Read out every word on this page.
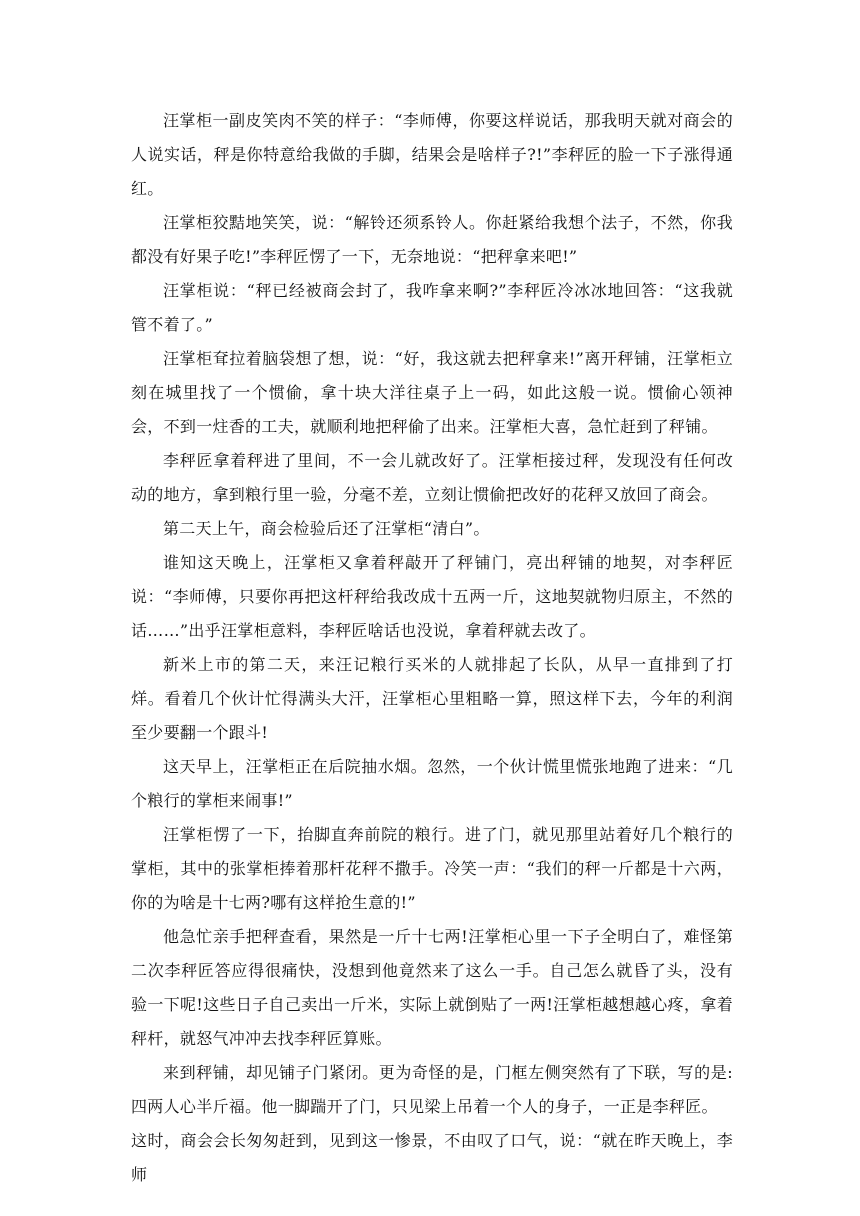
汪掌柜一副皮笑肉不笑的样子：“李师傅，你要这样说话，那我明天就对商会的人说实话，秤是你特意给我做的手脚，结果会是啥样子?!”李秤匠的脸一下子涨得通红。

汪掌柜狡黠地笑笑，说：“解铃还须系铃人。你赶紧给我想个法子，不然，你我都没有好果子吃!”李秤匠愣了一下，无奈地说：“把秤拿来吧!”

汪掌柜说：“秤已经被商会封了，我咋拿来啊?”李秤匠冷冰冰地回答：“这我就管不着了。”

汪掌柜耷拉着脑袋想了想，说：“好，我这就去把秤拿来!”离开秤铺，汪掌柜立刻在城里找了一个惯偷，拿十块大洋往桌子上一码，如此这般一说。惯偷心领神会，不到一炷香的工夫，就顺利地把秤偷了出来。汪掌柜大喜，急忙赶到了秤铺。

李秤匠拿着秤进了里间，不一会儿就改好了。汪掌柜接过秤，发现没有任何改动的地方，拿到粮行里一验，分毫不差，立刻让惯偷把改好的花秤又放回了商会。

第二天上午，商会检验后还了汪掌柜“清白”。

谁知这天晚上，汪掌柜又拿着秤敲开了秤铺门，亮出秤铺的地契，对李秤匠说：“李师傅，只要你再把这杆秤给我改成十五两一斤，这地契就物归原主，不然的话……”出乎汪掌柜意料，李秤匠啥话也没说，拿着秤就去改了。

新米上市的第二天，来汪记粮行买米的人就排起了长队，从早一直排到了打烊。看着几个伙计忙得满头大汗，汪掌柜心里粗略一算，照这样下去，今年的利润至少要翻一个跟斗!

这天早上，汪掌柜正在后院抽水烟。忽然，一个伙计慌里慌张地跑了进来：“几个粮行的掌柜来闹事!”

汪掌柜愣了一下，抬脚直奔前院的粮行。进了门，就见那里站着好几个粮行的掌柜，其中的张掌柜捧着那杆花秤不撒手。冷笑一声：“我们的秤一斤都是十六两，你的为啥是十七两?哪有这样抢生意的!”

他急忙亲手把秤查看，果然是一斤十七两!汪掌柜心里一下子全明白了，难怪第二次李秤匠答应得很痛快，没想到他竟然来了这么一手。自己怎么就昏了头，没有验一下呢!这些日子自己卖出一斤米，实际上就倒贴了一两!汪掌柜越想越心疼，拿着秤杆，就怒气冲冲去找李秤匠算账。

来到秤铺，却见铺子门紧闭。更为奇怪的是，门框左侧突然有了下联，写的是:四两人心半斤福。他一脚踹开了门，只见梁上吊着一个人的身子，一正是李秤匠。

这时，商会会长匆匆赶到，见到这一惨景，不由叹了口气，说：“就在昨天晚上，李师
